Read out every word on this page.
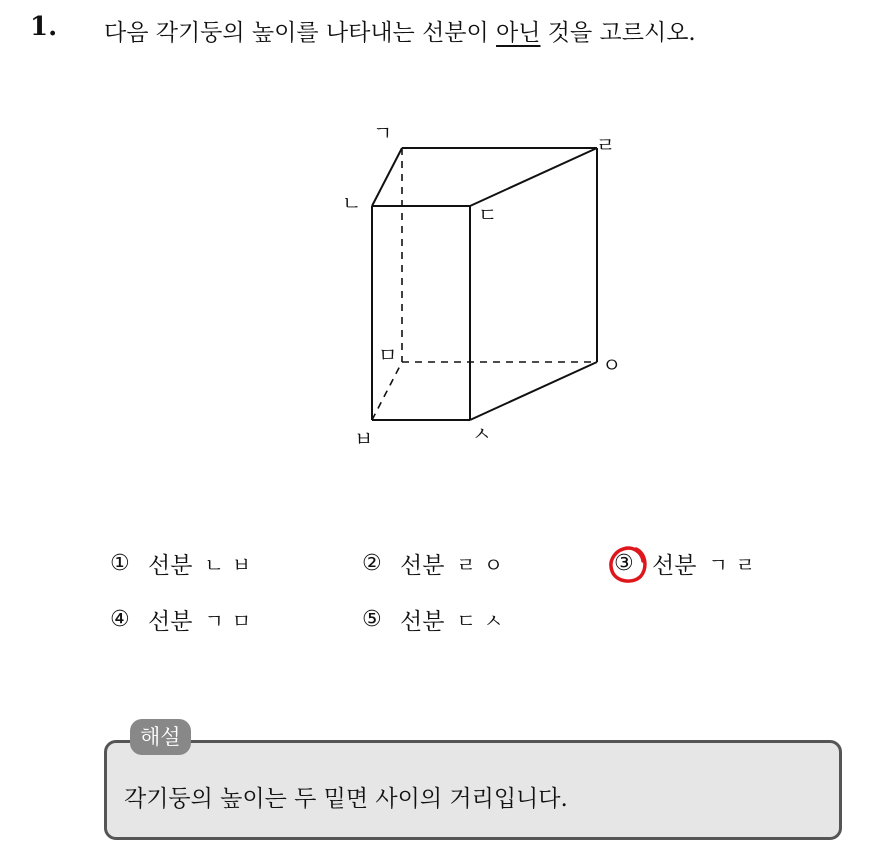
1. 다음 각기둥의 높이를 나타내는 선분이 아닌 것을 고르시오.
ㄱ
ㄴ	ㄷ
ㄹ
ㅁ	ㅇ
ㅂ	ㅅ
① 선분 ㄴㅂ	② 선분 ㄹㅇ	③ 선분 ㄱㄹ
④ 선분 ㄱㅁ	⑤ 선분 ㄷㅅ
해설
각기둥의 높이는 두 밑면 사이의 거리입니다.
